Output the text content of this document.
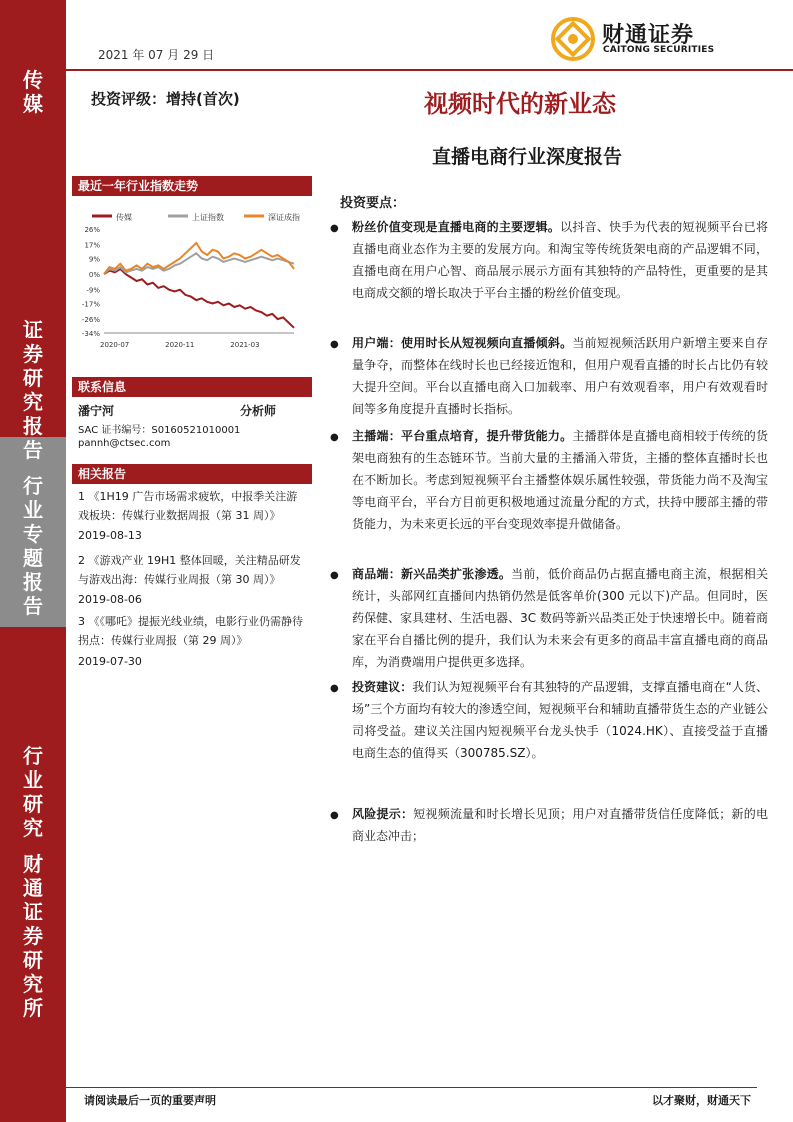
传
媒
证
券
研
究
报
告
行
业
专
题
报
告
行
业
研
究
财
通
证
券
研
究
所
2021 年 07 月 29 日
财通证券
CAITONG SECURITIES
投资评级：增持(首次)	视频时代的新业态
直播电商行业深度报告
最近一年行业指数走势
传媒	上证指数	深证成指
26%
17%
9%
0%
-9%
-17%
-26%
-34%
2020-07	2020-11	2021-03
联系信息
潘宁河	分析师
SAC 证书编号：S0160521010001
pannh@ctsec.com
相关报告
1 《1H19 广告市场需求疲软，中报季关注游戏板块：传媒行业数据周报（第 31 周）》
2019-08-13
2 《游戏产业 19H1 整体回暖，关注精品研发与游戏出海：传媒行业周报（第 30 周）》
2019-08-06
3 《《哪吒》提振光线业绩，电影行业仍需静待拐点：传媒行业周报（第 29 周）》
2019-07-30
投资要点：
●	粉丝价值变现是直播电商的主要逻辑。以抖音、快手为代表的短视频平台已将直播电商业态作为主要的发展方向。和淘宝等传统货架电商的产品逻辑不同，直播电商在用户心智、商品展示展示方面有其独特的产品特性，更重要的是其电商成交额的增长取决于平台主播的粉丝价值变现。
●	用户端：使用时长从短视频向直播倾斜。当前短视频活跃用户新增主要来自存量争夺，而整体在线时长也已经接近饱和，但用户观看直播的时长占比仍有较大提升空间。平台以直播电商入口加载率、用户有效观看率，用户有效观看时间等多角度提升直播时长指标。
●	主播端：平台重点培育，提升带货能力。主播群体是直播电商相较于传统的货架电商独有的生态链环节。当前大量的主播涌入带货，主播的整体直播时长也在不断加长。考虑到短视频平台主播整体娱乐属性较强，带货能力尚不及淘宝等电商平台，平台方目前更积极地通过流量分配的方式，扶持中腰部主播的带货能力，为未来更长远的平台变现效率提升做储备。
●	商品端：新兴品类扩张渗透。当前，低价商品仍占据直播电商主流，根据相关统计，头部网红直播间内热销仍然是低客单价(300 元以下)产品。但同时，医药保健、家具建材、生活电器、3C 数码等新兴品类正处于快速增长中。随着商家在平台自播比例的提升，我们认为未来会有更多的商品丰富直播电商的商品库，为消费端用户提供更多选择。
●	投资建议：我们认为短视频平台有其独特的产品逻辑，支撑直播电商在“人货、场”三个方面均有较大的渗透空间，短视频平台和辅助直播带货生态的产业链公司将受益。建议关注国内短视频平台龙头快手（1024.HK）、直接受益于直播电商生态的值得买（300785.SZ）。
●	风险提示：短视频流量和时长增长见顶；用户对直播带货信任度降低；新的电商业态冲击；
请阅读最后一页的重要声明	以才聚财，财通天下
